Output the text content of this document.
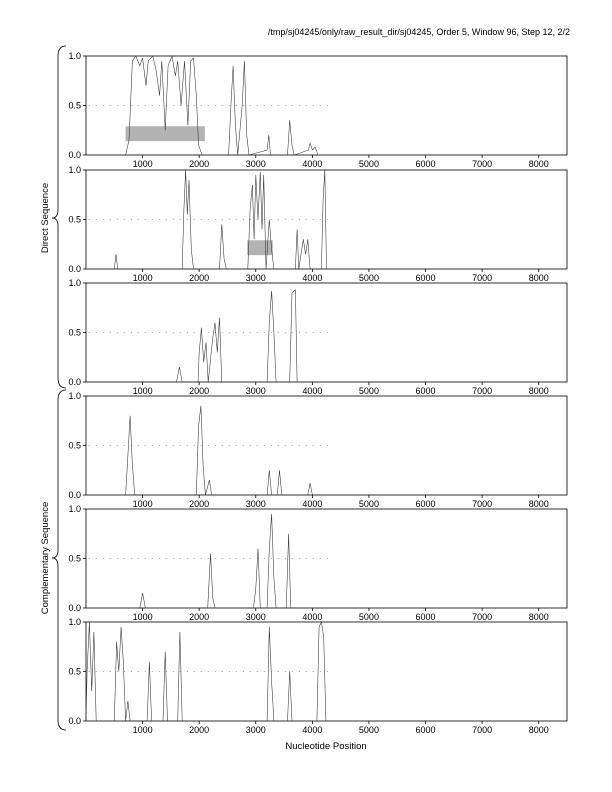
/tmp/sj04245/only/raw_result_dir/sj04245, Order 5, Window 96, Step 12, 2/2
Direct Sequence
Complementary Sequence
0.0
0.5
1.0
1000	2000	3000	4000	5000	6000	7000	8000
0.0
0.5
1.0
1000	2000	3000	4000	5000	6000	7000	8000
0.0
0.5
1.0
1000	2000	3000	4000	5000	6000	7000	8000
0.0
0.5
1.0
1000	2000	3000	4000	5000	6000	7000	8000
0.0
0.5
1.0
1000	2000	3000	4000	5000	6000	7000	8000
0.0
0.5
1.0
1000	2000	3000	4000	5000	6000	7000	8000
Nucleotide Position
